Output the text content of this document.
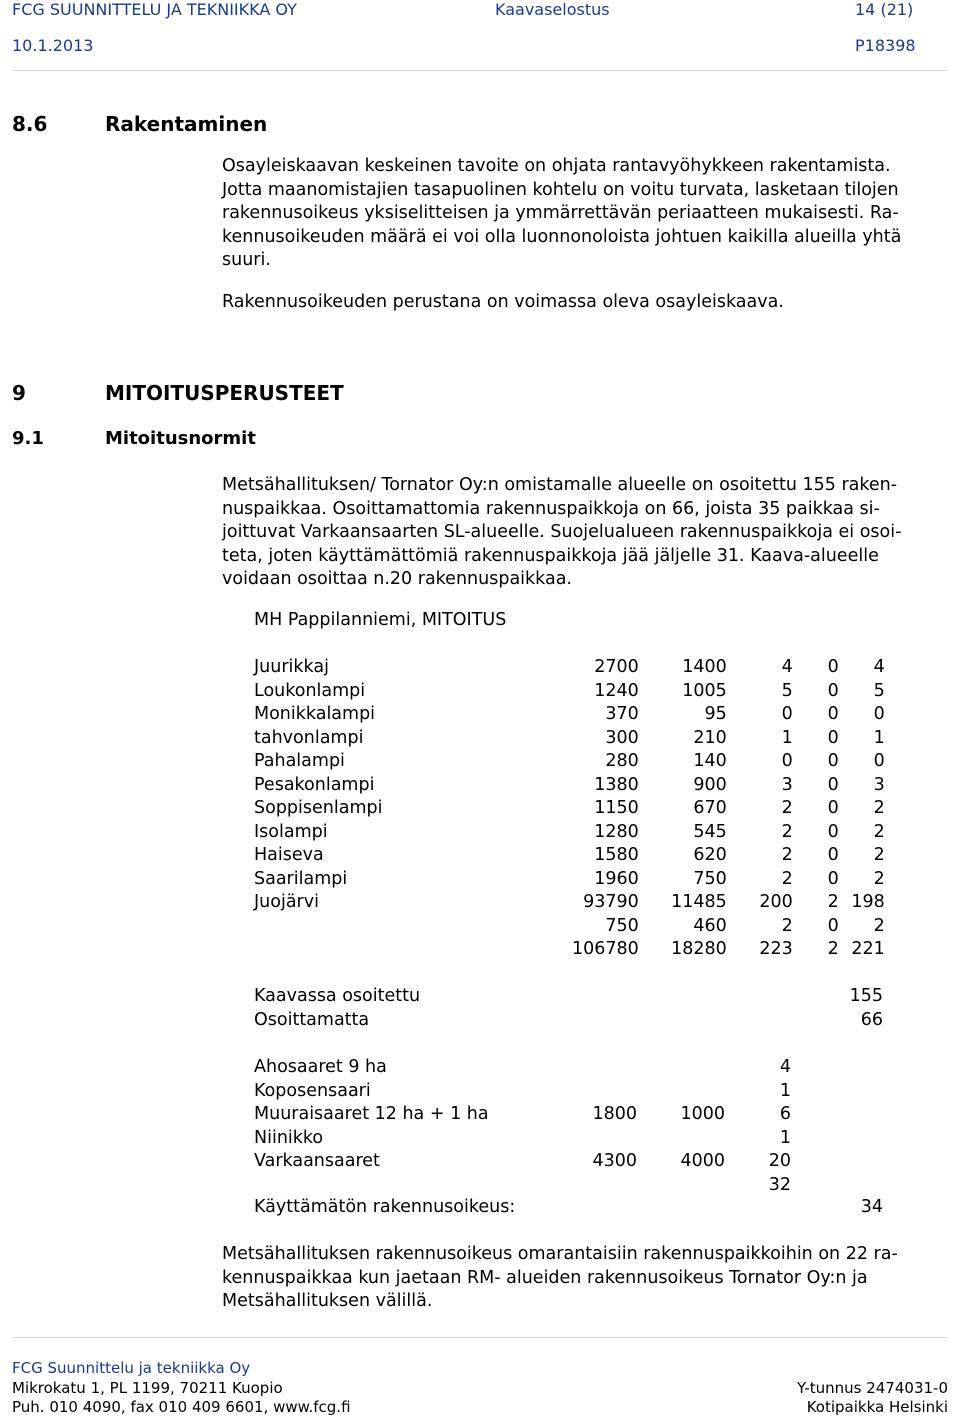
FCG SUUNNITTELU JA TEKNIIKKA OY	Kaavaselostus	14 (21)
10.1.2013	P18398
8.6	Rakentaminen
Osayleiskaavan keskeinen tavoite on ohjata rantavyöhykkeen rakentamista.
Jotta maanomistajien tasapuolinen kohtelu on voitu turvata, lasketaan tilojen
rakennusoikeus yksiselitteisen ja ymmärrettävän periaatteen mukaisesti. Ra-
kennusoikeuden määrä ei voi olla luonnonoloista johtuen kaikilla alueilla yhtä
suuri.
Rakennusoikeuden perustana on voimassa oleva osayleiskaava.
9	MITOITUSPERUSTEET
9.1	Mitoitusnormit
Metsähallituksen/ Tornator Oy:n omistamalle alueelle on osoitettu 155 raken-
nuspaikkaa. Osoittamattomia rakennuspaikkoja on 66, joista 35 paikkaa si-
joittuvat Varkaansaarten SL-alueelle. Suojelualueen rakennuspaikkoja ei osoi-
teta, joten käyttämättömiä rakennuspaikkoja jää jäljelle 31. Kaava-alueelle
voidaan osoittaa n.20 rakennuspaikkaa.
MH Pappilanniemi, MITOITUS
Juurikkaj	2700	1400	4	0	4
Loukonlampi	1240	1005	5	0	5
Monikkalampi	370	95	0	0	0
tahvonlampi	300	210	1	0	1
Pahalampi	280	140	0	0	0
Pesakonlampi	1380	900	3	0	3
Soppisenlampi	1150	670	2	0	2
Isolampi	1280	545	2	0	2
Haiseva	1580	620	2	0	2
Saarilampi	1960	750	2	0	2
Juojärvi	93790	11485	200	2	198
	750	460	2	0	2
	106780	18280	223	2	221
Kaavassa osoitettu	155
Osoittamatta	66
Ahosaaret 9 ha			4
Koposensaari			1
Muuraisaaret 12 ha + 1 ha	1800	1000	6
Niinikko			1
Varkaansaaret	4300	4000	20
			32
Käyttämätön rakennusoikeus:	34
Metsähallituksen rakennusoikeus omarantaisiin rakennuspaikkoihin on 22 ra-
kennuspaikkaa kun jaetaan RM- alueiden rakennusoikeus Tornator Oy:n ja
Metsähallituksen välillä.
FCG Suunnittelu ja tekniikka Oy
Mikrokatu 1, PL 1199, 70211 Kuopio
Puh. 010 4090, fax 010 409 6601, www.fcg.fi
Y-tunnus 2474031-0
Kotipaikka Helsinki
